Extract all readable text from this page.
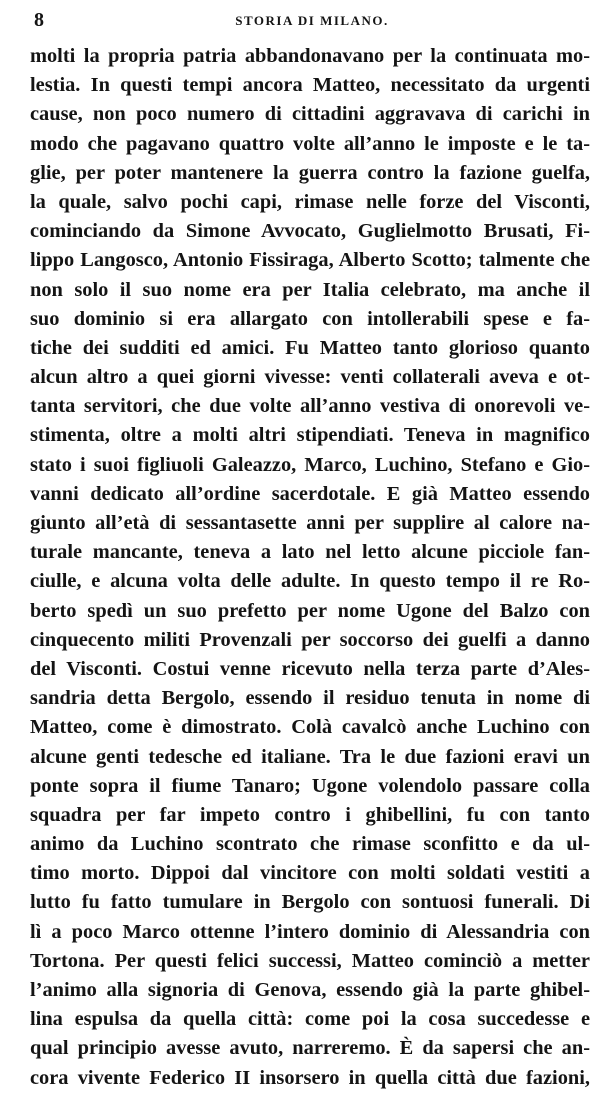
8	STORIA DI MILANO.
molti la propria patria abbandonavano per la continuata mo-
lestia. In questi tempi ancora Matteo, necessitato da urgenti
cause, non poco numero di cittadini aggravava di carichi in
modo che pagavano quattro volte all’anno le imposte e le ta-
glie, per poter mantenere la guerra contro la fazione guelfa,
la quale, salvo pochi capi, rimase nelle forze del Visconti,
cominciando da Simone Avvocato, Guglielmotto Brusati, Fi-
lippo Langosco, Antonio Fissiraga, Alberto Scotto; talmente che
non solo il suo nome era per Italia celebrato, ma anche il
suo dominio si era allargato con intollerabili spese e fa-
tiche dei sudditi ed amici. Fu Matteo tanto glorioso quanto
alcun altro a quei giorni vivesse: venti collaterali aveva e ot-
tanta servitori, che due volte all’anno vestiva di onorevoli ve-
stimenta, oltre a molti altri stipendiati. Teneva in magnifico
stato i suoi figliuoli Galeazzo, Marco, Luchino, Stefano e Gio-
vanni dedicato all’ordine sacerdotale. E già Matteo essendo
giunto all’età di sessantasette anni per supplire al calore na-
turale mancante, teneva a lato nel letto alcune picciole fan-
ciulle, e alcuna volta delle adulte. In questo tempo il re Ro-
berto spedì un suo prefetto per nome Ugone del Balzo con
cinquecento militi Provenzali per soccorso dei guelfi a danno
del Visconti. Costui venne ricevuto nella terza parte d’Ales-
sandria detta Bergolo, essendo il residuo tenuta in nome di
Matteo, come è dimostrato. Colà cavalcò anche Luchino con
alcune genti tedesche ed italiane. Tra le due fazioni eravi un
ponte sopra il fiume Tanaro; Ugone volendolo passare colla
squadra per far impeto contro i ghibellini, fu con tanto
animo da Luchino scontrato che rimase sconfitto e da ul-
timo morto. Dippoi dal vincitore con molti soldati vestiti a
lutto fu fatto tumulare in Bergolo con sontuosi funerali. Di
lì a poco Marco ottenne l’intero dominio di Alessandria con
Tortona. Per questi felici successi, Matteo cominciò a metter
l’animo alla signoria di Genova, essendo già la parte ghibel-
lina espulsa da quella città: come poi la cosa succedesse e
qual principio avesse avuto, narreremo. È da sapersi che an-
cora vivente Federico II insorsero in quella città due fazioni,
